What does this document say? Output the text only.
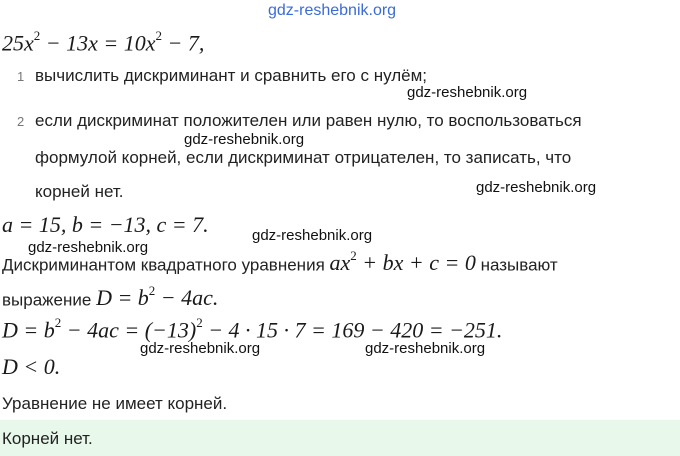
gdz-reshebnik.org
$25x^2 - 13x = 10x^2 - 7$,
1 вычислить дискриминант и сравнить его с нулём;
gdz-reshebnik.org
2 если дискриминат положителен или равен нулю, то воспользоваться
gdz-reshebnik.org
формулой корней, если дискриминат отрицателен, то записать, что
корней нет.	gdz-reshebnik.org
a = 15, b = −13, c = 7.	gdz-reshebnik.org
gdz-reshebnik.org
Дискриминантом квадратного уравнения $ax^2$ + bx + c = 0 называют
выражение $D = b^2 - 4ac$.
$D = b^2 - 4ac = (-13)^2 - 4 \cdot 15 \cdot 7 = 169 - 420 = -251$.
gdz-reshebnik.org	gdz-reshebnik.org
D < 0.
Уравнение не имеет корней.
Корней нет.
